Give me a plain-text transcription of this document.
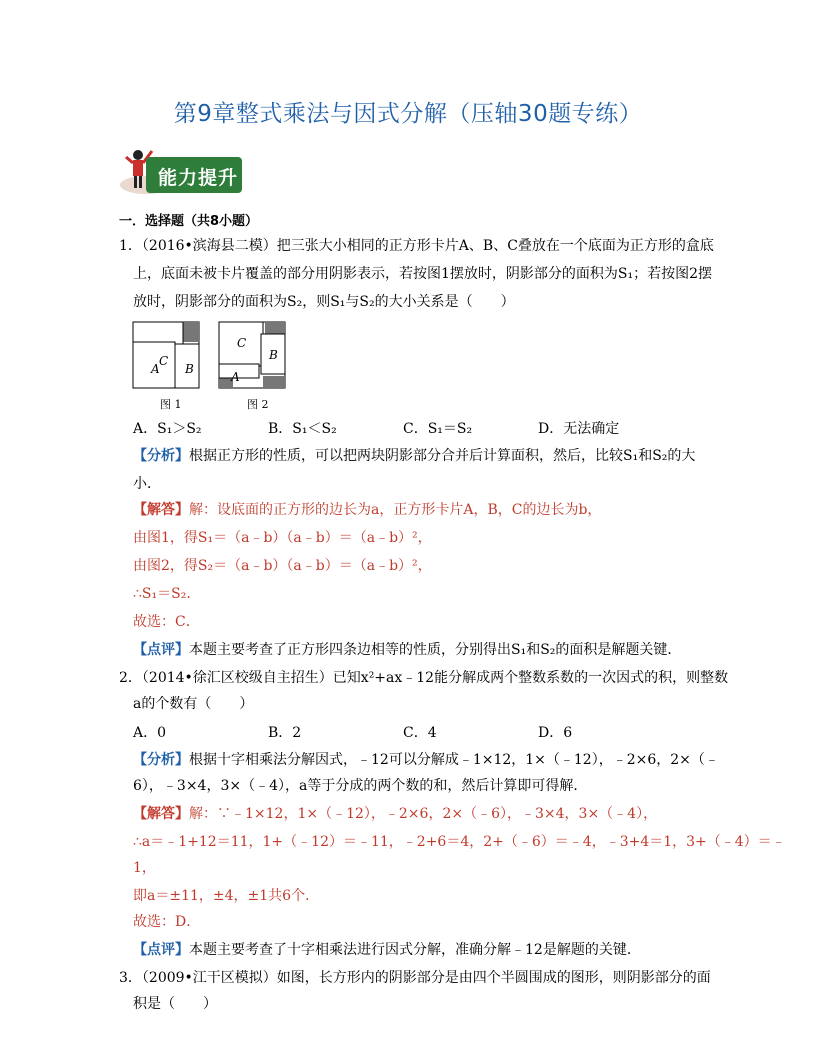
第9章整式乘法与因式分解（压轴30题专练）
能力提升
一．选择题（共8小题）
1．（2016•滨海县二模）把三张大小相同的正方形卡片A、B、C叠放在一个底面为正方形的盒底
上，底面未被卡片覆盖的部分用阴影表示，若按图1摆放时，阴影部分的面积为S₁；若按图2摆
放时，阴影部分的面积为S₂，则S₁与S₂的大小关系是（　　）
C
A B
C
B
A
图 1	图 2
A．S₁＞S₂	B．S₁＜S₂	C．S₁＝S₂	D．无法确定
【分析】根据正方形的性质，可以把两块阴影部分合并后计算面积，然后，比较S₁和S₂的大
小．
【解答】解：设底面的正方形的边长为a，正方形卡片A，B，C的边长为b，
由图1，得S₁＝（a﹣b）（a﹣b）＝（a﹣b）²，
由图2，得S₂＝（a﹣b）（a﹣b）＝（a﹣b）²，
∴S₁＝S₂．
故选：C．
【点评】本题主要考查了正方形四条边相等的性质，分别得出S₁和S₂的面积是解题关键．
2．（2014•徐汇区校级自主招生）已知x²+ax﹣12能分解成两个整数系数的一次因式的积，则整数
a的个数有（　　）
A．0	B．2	C．4	D．6
【分析】根据十字相乘法分解因式，﹣12可以分解成﹣1×12，1×（﹣12），﹣2×6，2×（﹣
6），﹣3×4，3×（﹣4），a等于分成的两个数的和，然后计算即可得解．
【解答】解：∵﹣1×12，1×（﹣12），﹣2×6，2×（﹣6），﹣3×4，3×（﹣4），
∴a＝﹣1+12＝11，1+（﹣12）＝﹣11，﹣2+6＝4，2+（﹣6）＝﹣4，﹣3+4＝1，3+（﹣4）＝﹣
1，
即a＝±11，±4，±1共6个．
故选：D．
【点评】本题主要考查了十字相乘法进行因式分解，准确分解﹣12是解题的关键．
3．（2009•江干区模拟）如图，长方形内的阴影部分是由四个半圆围成的图形，则阴影部分的面
积是（　　）
